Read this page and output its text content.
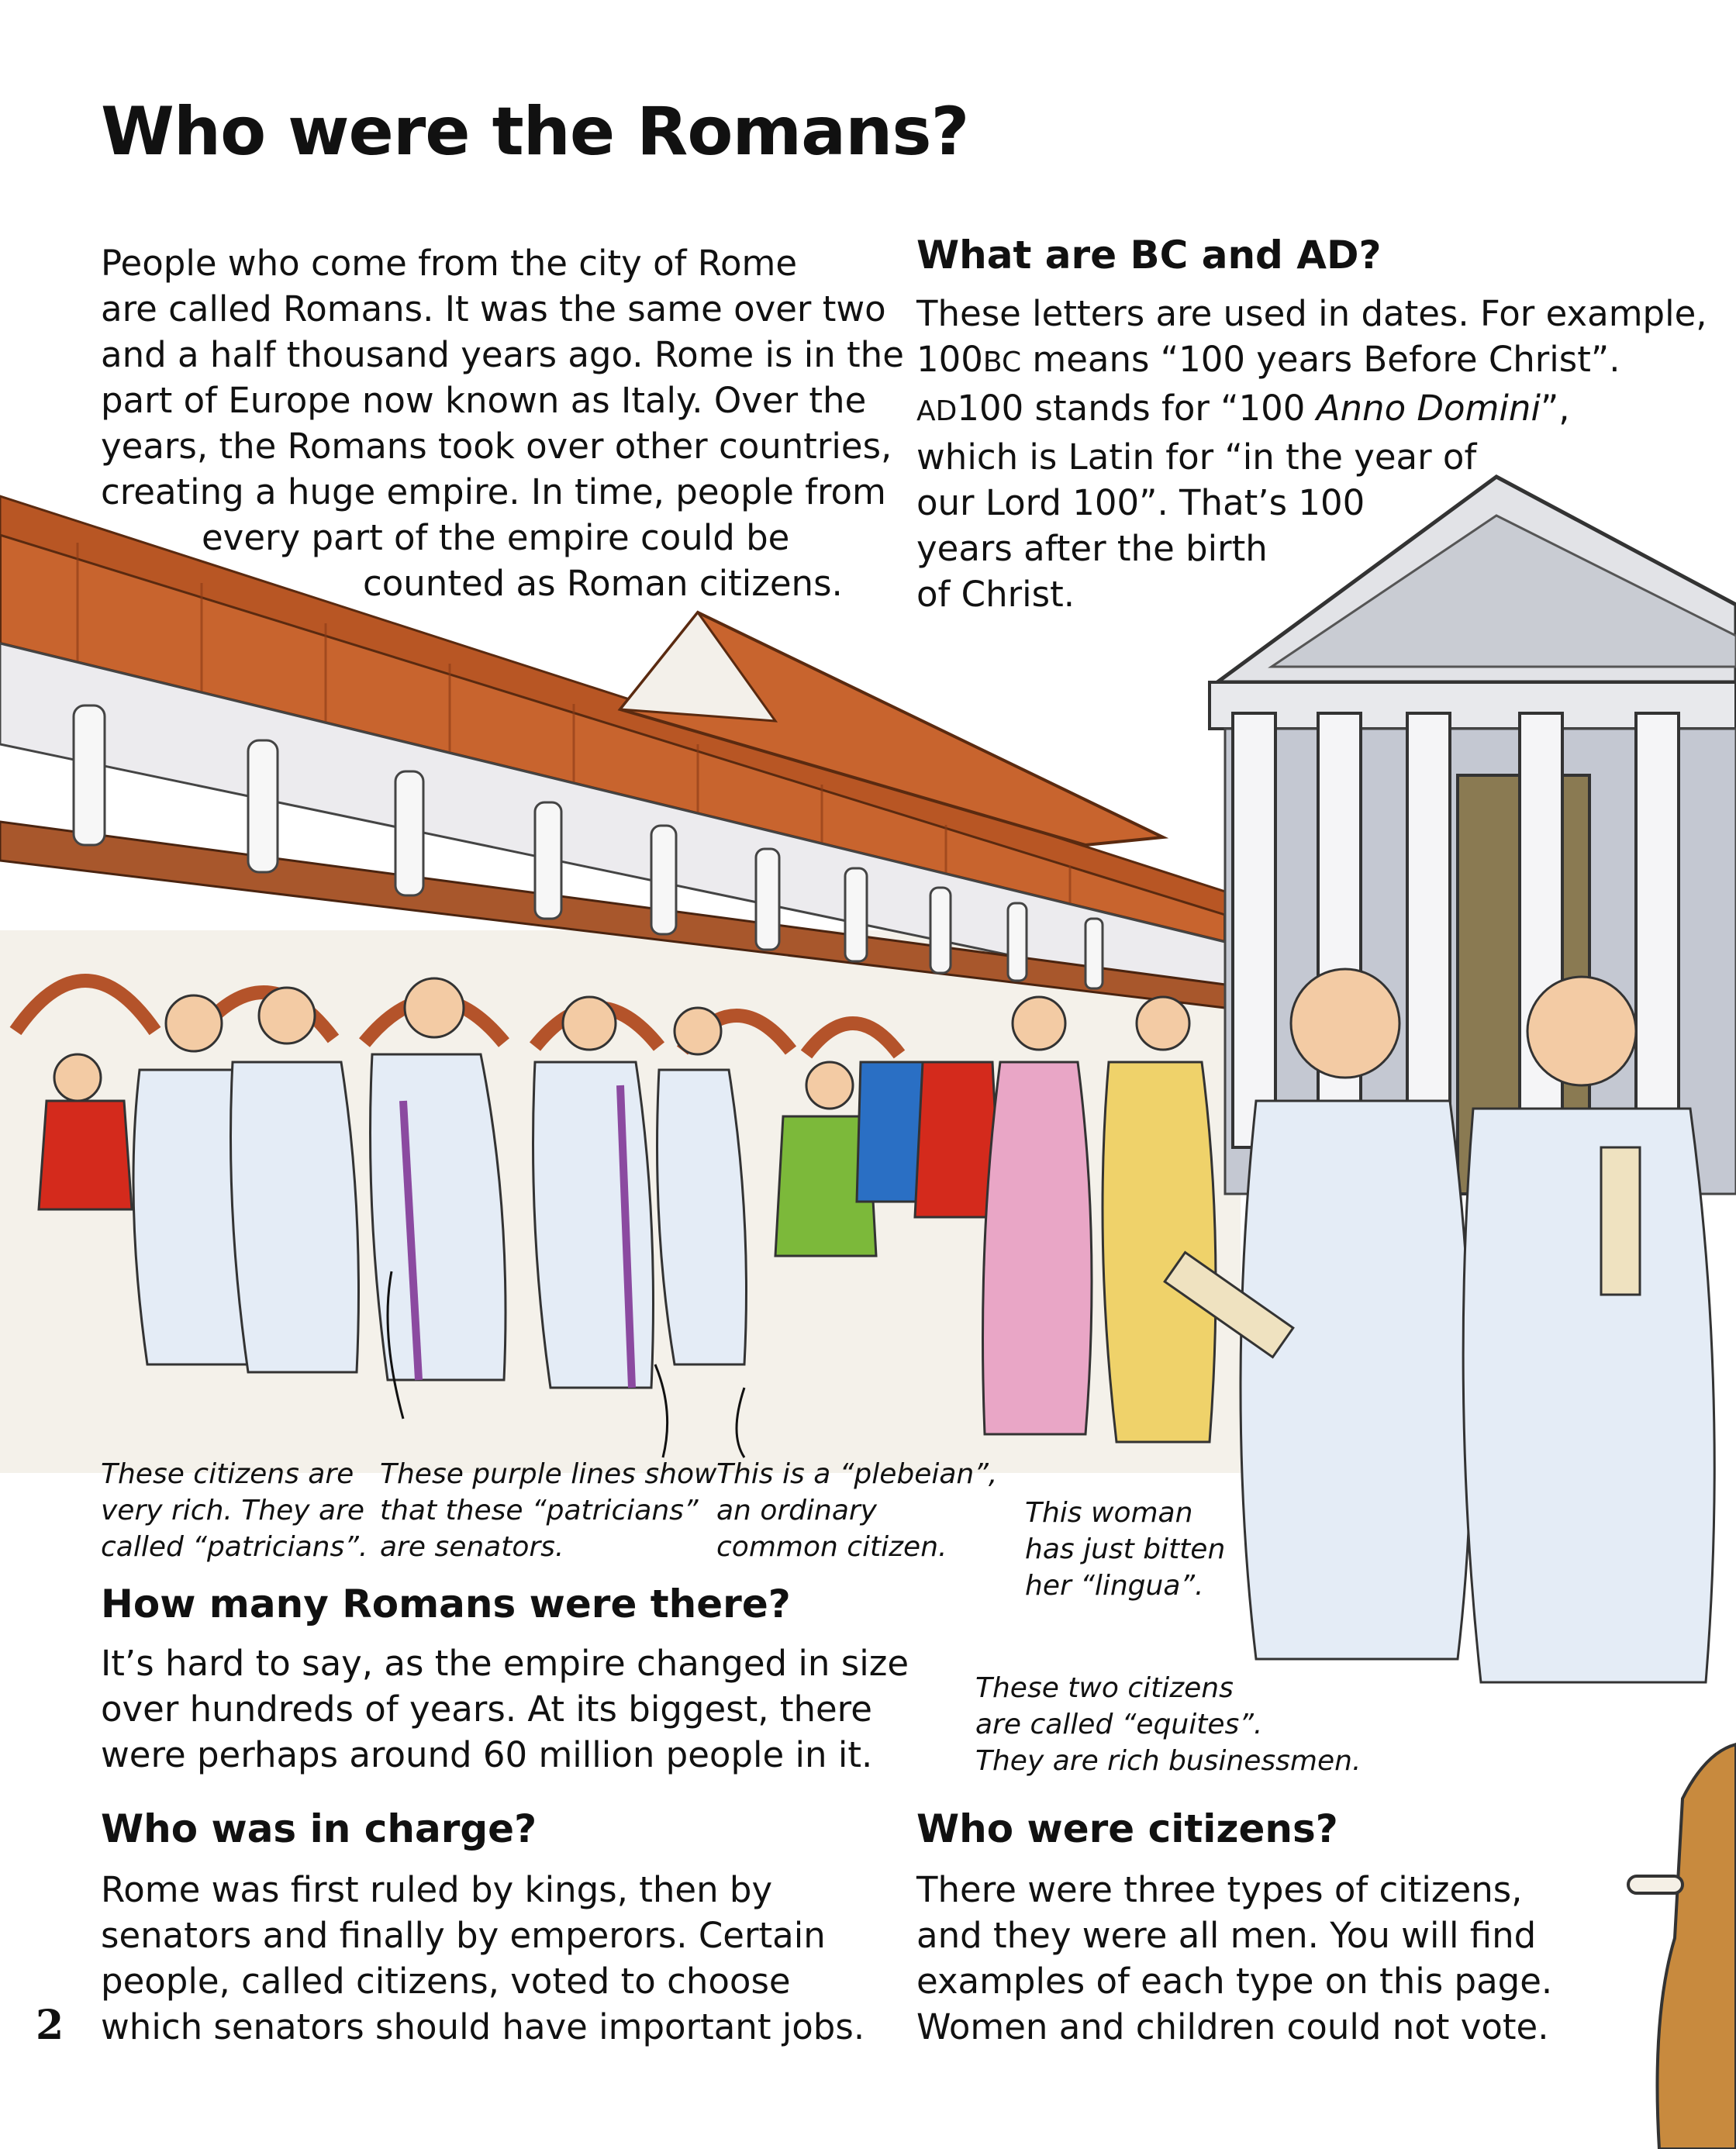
Who were the Romans?
People who come from the city of Rome
are called Romans. It was the same over two
and a half thousand years ago. Rome is in the
part of Europe now known as Italy. Over the
years, the Romans took over other countries,
creating a huge empire. In time, people from
every part of the empire could be
counted as Roman citizens.
What are BC and AD?
These letters are used in dates. For example,
100BC means “100 years Before Christ”.
AD100 stands for “100 Anno Domini”,
which is Latin for “in the year of
our Lord 100”. That’s 100
years after the birth
of Christ.
These citizens are
very rich. They are
called “patricians”.
These purple lines show
that these “patricians”
are senators.
This is a “plebeian”,
an ordinary
common citizen.
This woman
has just bitten
her “lingua”.
These two citizens
are called “equites”.
They are rich businessmen.
How many Romans were there?
It’s hard to say, as the empire changed in size
over hundreds of years. At its biggest, there
were perhaps around 60 million people in it.
Who was in charge?
Rome was first ruled by kings, then by
senators and finally by emperors. Certain
people, called citizens, voted to choose
which senators should have important jobs.
Who were citizens?
There were three types of citizens,
and they were all men. You will find
examples of each type on this page.
Women and children could not vote.
2
